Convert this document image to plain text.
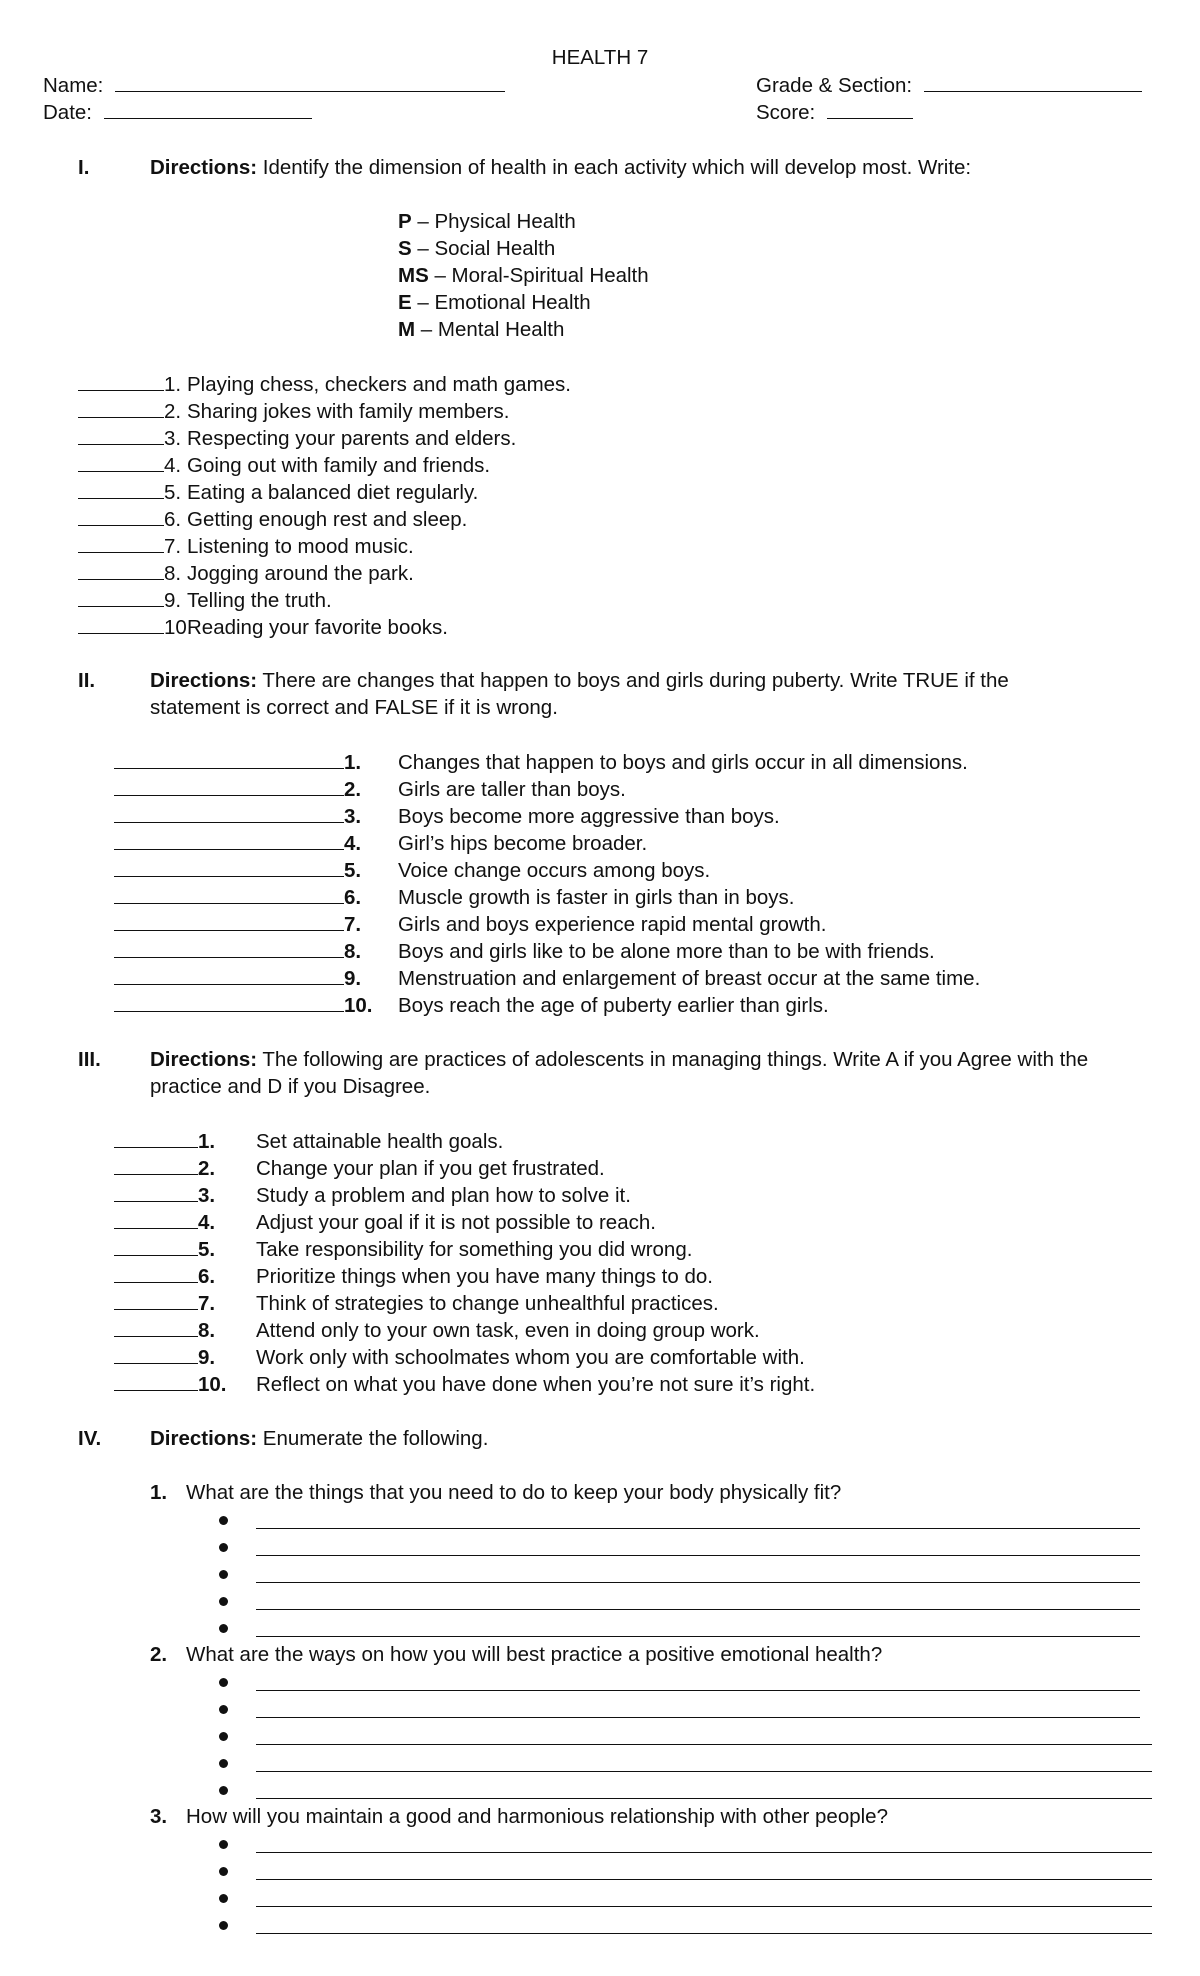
HEALTH 7
Name:
Date:
Grade & Section:
Score:
I.	Directions: Identify the dimension of health in each activity which will develop most. Write:
P – Physical Health
S – Social Health
MS – Moral-Spiritual Health
E – Emotional Health
M – Mental Health
1. Playing chess, checkers and math games.
2. Sharing jokes with family members.
3. Respecting your parents and elders.
4. Going out with family and friends.
5. Eating a balanced diet regularly.
6. Getting enough rest and sleep.
7. Listening to mood music.
8. Jogging around the park.
9. Telling the truth.
10.Reading your favorite books.
II.	Directions: There are changes that happen to boys and girls during puberty. Write TRUE if the
statement is correct and FALSE if it is wrong.
1. Changes that happen to boys and girls occur in all dimensions.
2. Girls are taller than boys.
3. Boys become more aggressive than boys.
4. Girl’s hips become broader.
5. Voice change occurs among boys.
6. Muscle growth is faster in girls than in boys.
7. Girls and boys experience rapid mental growth.
8. Boys and girls like to be alone more than to be with friends.
9. Menstruation and enlargement of breast occur at the same time.
10. Boys reach the age of puberty earlier than girls.
III. Directions: The following are practices of adolescents in managing things. Write A if you Agree with the
practice and D if you Disagree.
1. Set attainable health goals.
2. Change your plan if you get frustrated.
3. Study a problem and plan how to solve it.
4. Adjust your goal if it is not possible to reach.
5. Take responsibility for something you did wrong.
6. Prioritize things when you have many things to do.
7. Think of strategies to change unhealthful practices.
8. Attend only to your own task, even in doing group work.
9. Work only with schoolmates whom you are comfortable with.
10. Reflect on what you have done when you’re not sure it’s right.
IV. Directions: Enumerate the following.
1. What are the things that you need to do to keep your body physically fit?
2. What are the ways on how you will best practice a positive emotional health?
3. How will you maintain a good and harmonious relationship with other people?
